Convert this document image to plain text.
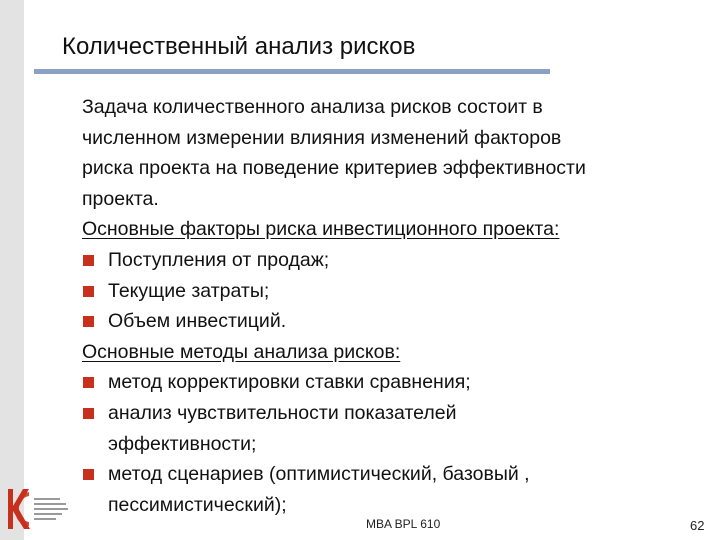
Количественный анализ рисков

Задача количественного анализа рисков состоит в

численном измерении влияния изменений факторов

риска проекта на поведение критериев эффективности

проекта.

Основные факторы риска инвестиционного проекта:

Поступления от продаж;

Текущие затраты;

Объем инвестиций.

Основные методы анализа рисков:

метод корректировки ставки сравнения;

анализ чувствительности показателей

эффективности;

метод сценариев (оптимистический, базовый ,

пессимистический);

MBA BPL 610	62
